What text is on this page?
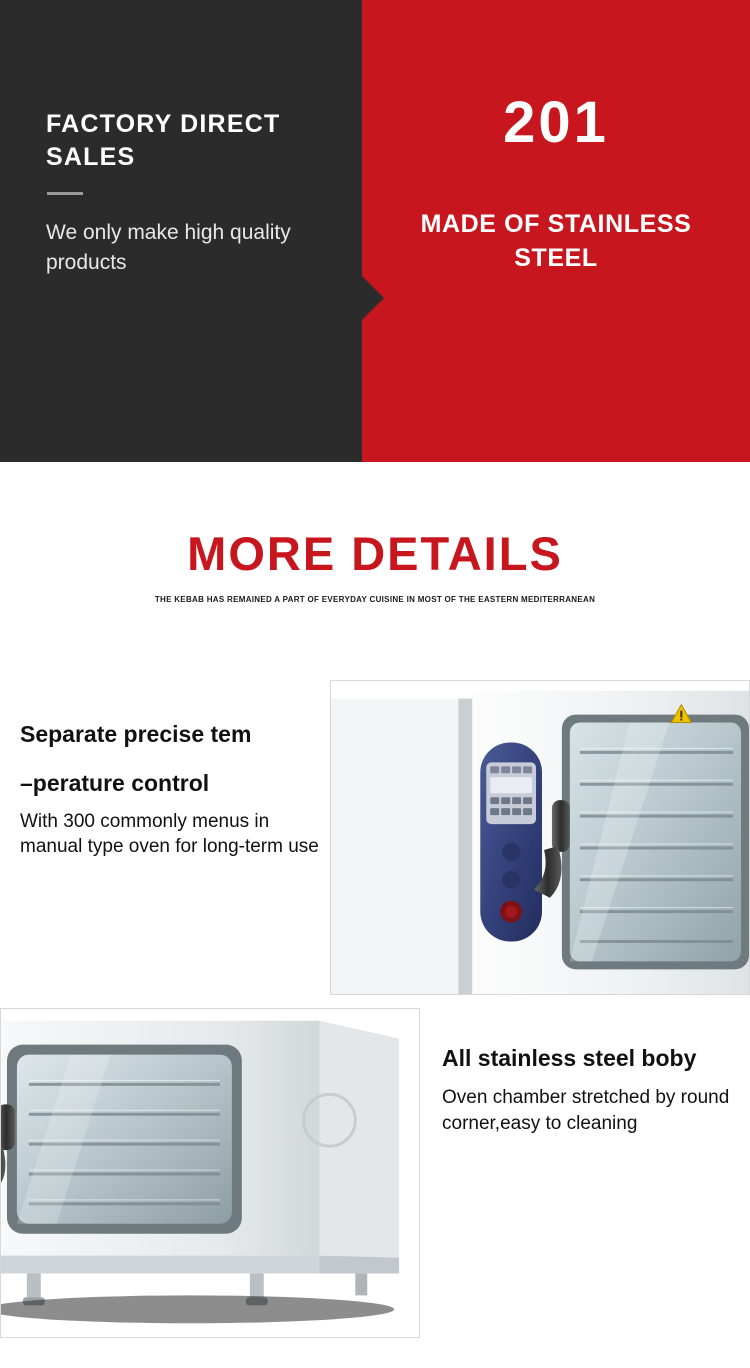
FACTORY DIRECT SALES
We only make high quality products
201
MADE OF STAINLESS STEEL
MORE DETAILS
THE KEBAB HAS REMAINED A PART OF EVERYDAY CUISINE IN MOST OF THE EASTERN MEDITERRANEAN
Separate precise tem
–perature control
With 300 commonly menus in manual type oven for long-term use
All stainless steel boby
Oven chamber stretched by round corner,easy to cleaning
